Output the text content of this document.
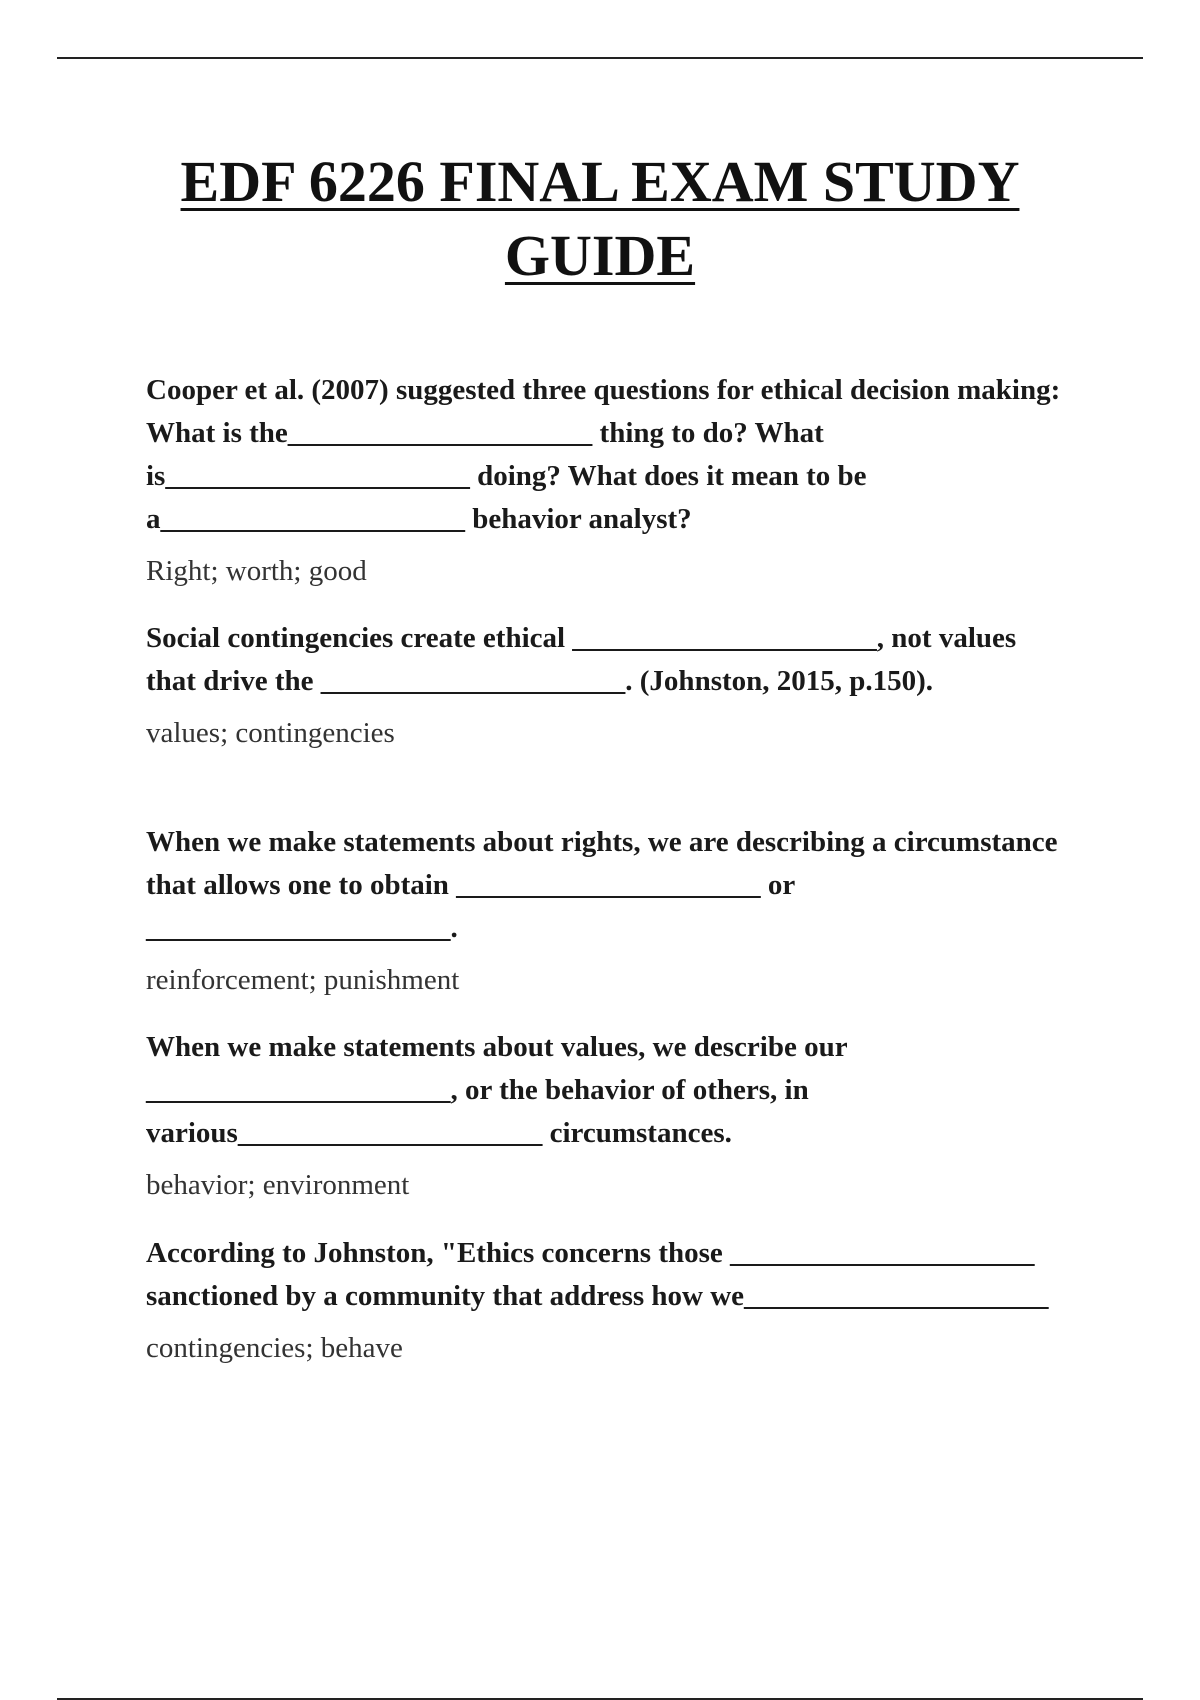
EDF 6226 FINAL EXAM STUDY GUIDE

Cooper et al. (2007) suggested three questions for ethical decision making: What is the_____________________ thing to do? What is_____________________ doing? What does it mean to be a_____________________ behavior analyst?

Right; worth; good

Social contingencies create ethical _____________________, not values that drive the _____________________. (Johnston, 2015, p.150).

values; contingencies

When we make statements about rights, we are describing a circumstance that allows one to obtain _____________________ or _____________________.

reinforcement; punishment

When we make statements about values, we describe our _____________________, or the behavior of others, in various_____________________ circumstances.

behavior; environment

According to Johnston, "Ethics concerns those _____________________ sanctioned by a community that address how we_____________________

contingencies; behave
